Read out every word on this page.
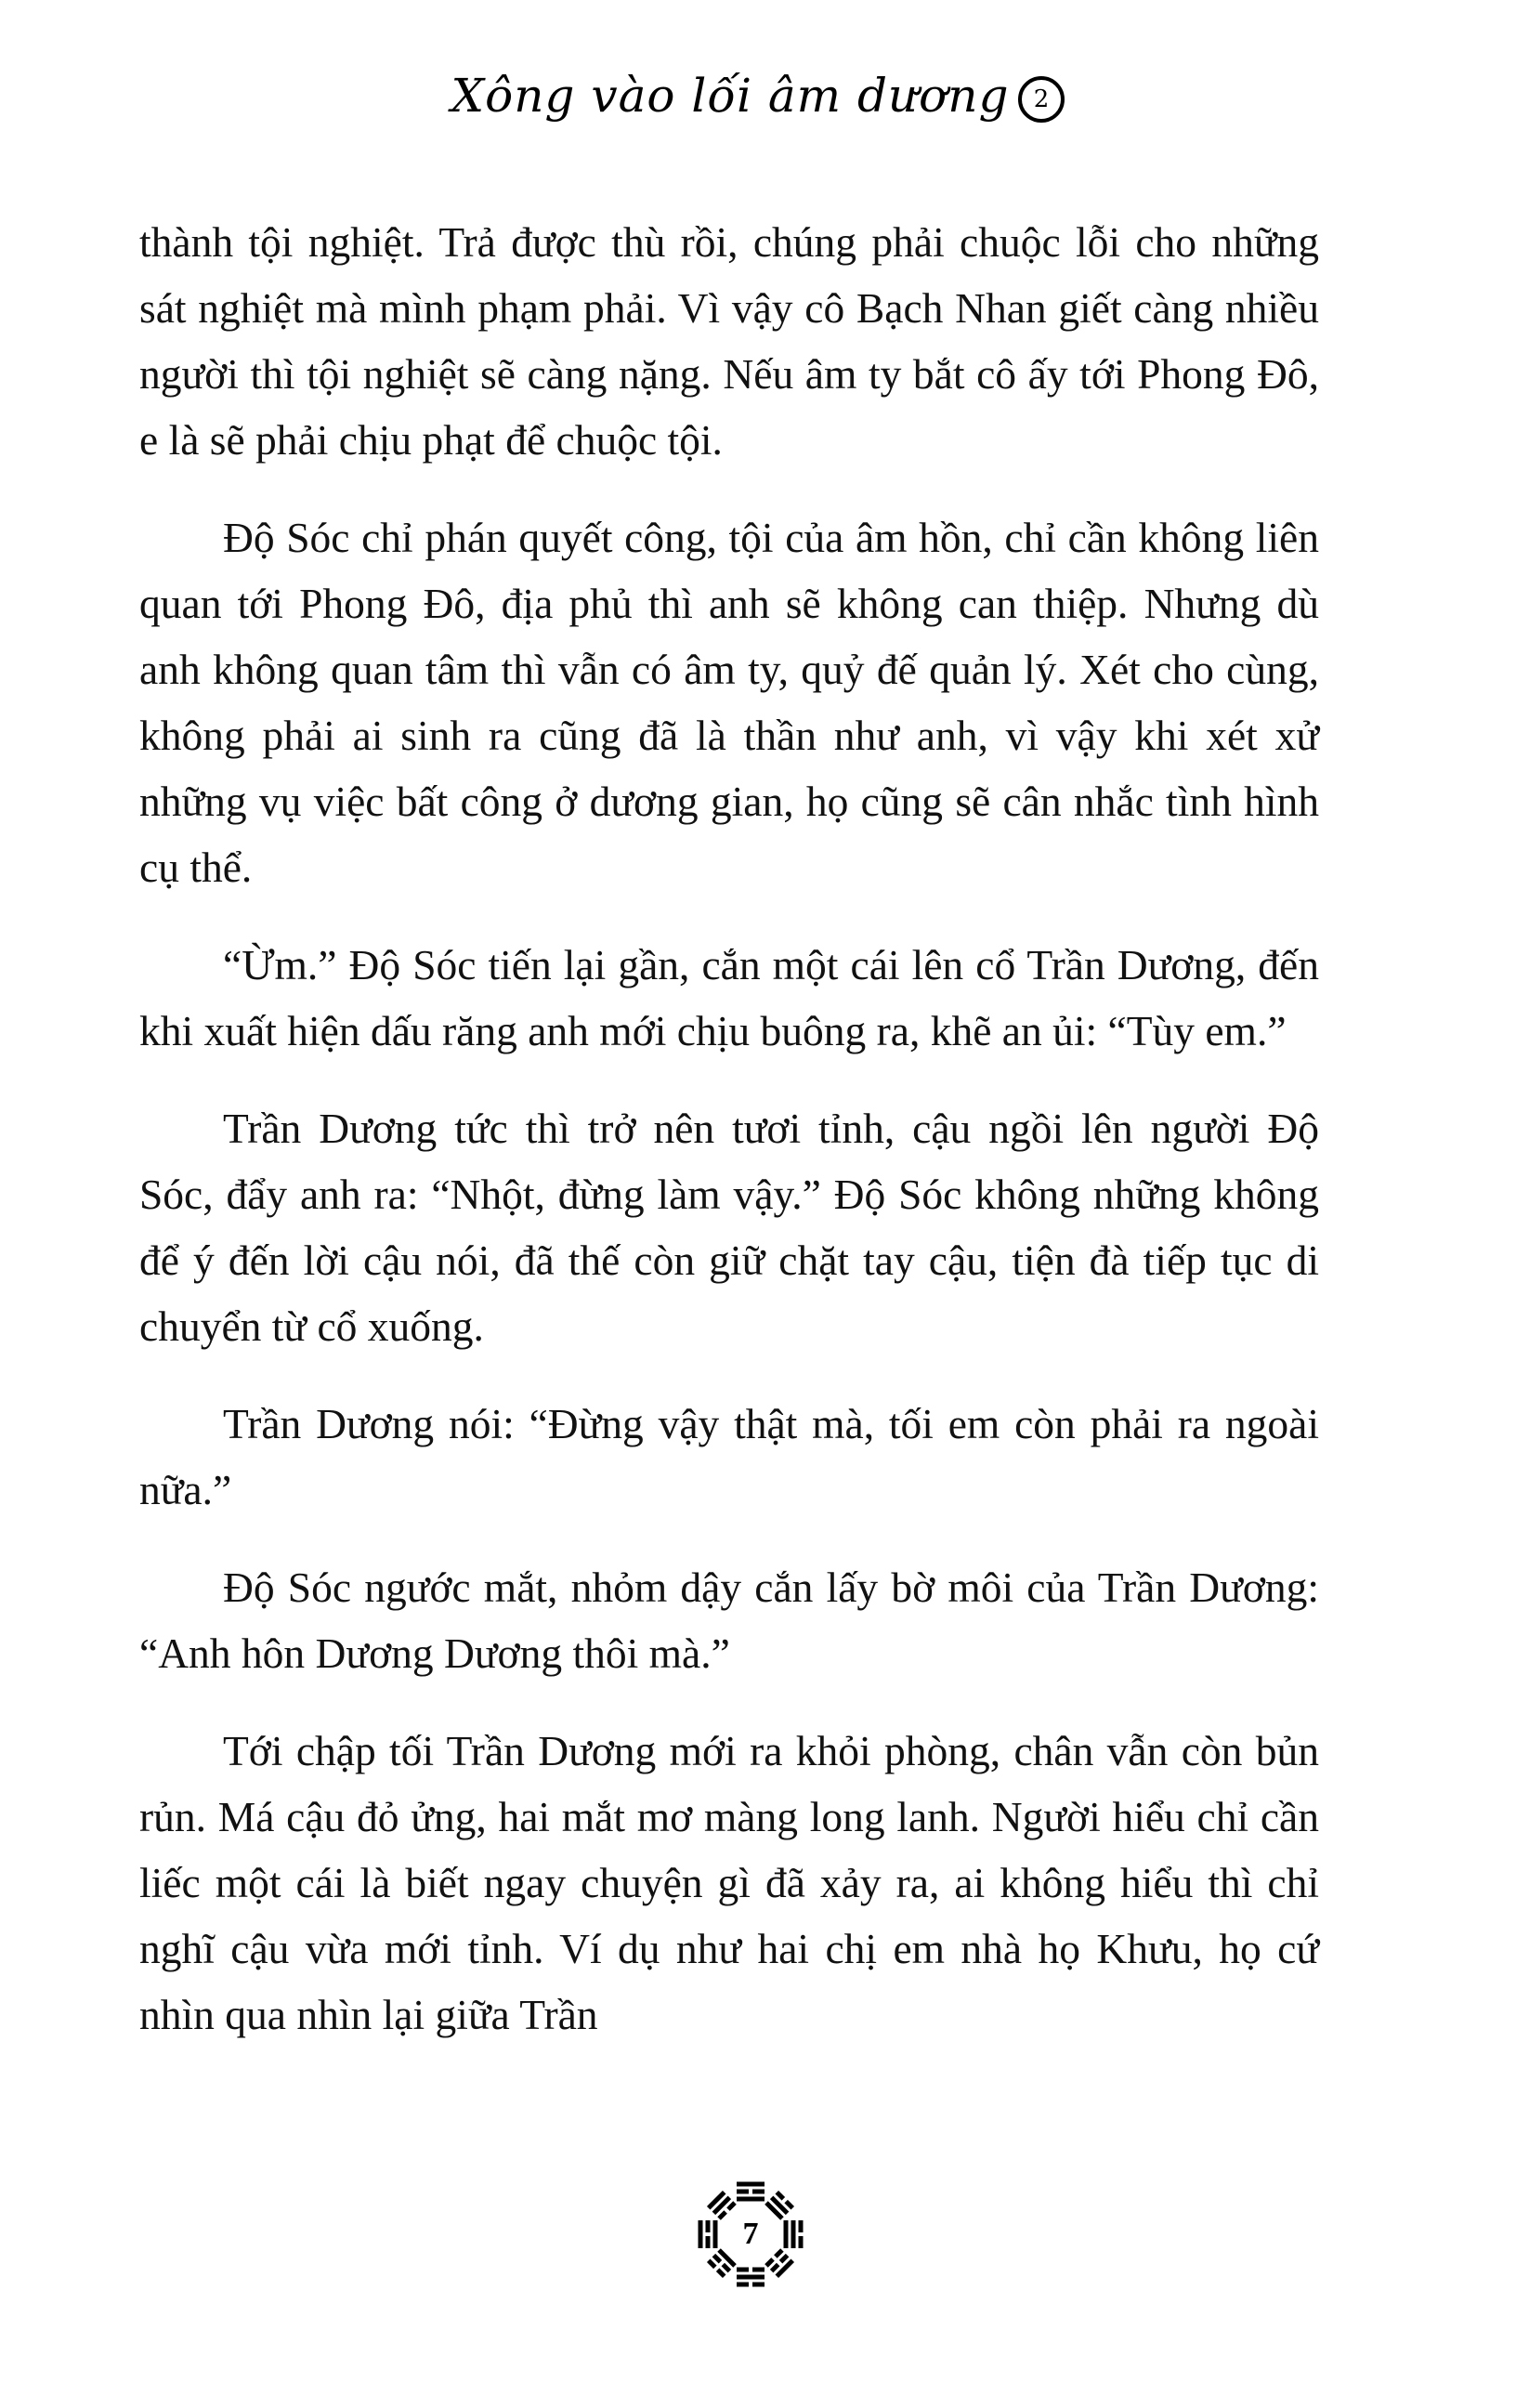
Xông vào lối âm dương 2

thành tội nghiệt. Trả được thù rồi, chúng phải chuộc lỗi cho những sát nghiệt mà mình phạm phải. Vì vậy cô Bạch Nhan giết càng nhiều người thì tội nghiệt sẽ càng nặng. Nếu âm ty bắt cô ấy tới Phong Đô, e là sẽ phải chịu phạt để chuộc tội.

Độ Sóc chỉ phán quyết công, tội của âm hồn, chỉ cần không liên quan tới Phong Đô, địa phủ thì anh sẽ không can thiệp. Nhưng dù anh không quan tâm thì vẫn có âm ty, quỷ đế quản lý. Xét cho cùng, không phải ai sinh ra cũng đã là thần như anh, vì vậy khi xét xử những vụ việc bất công ở dương gian, họ cũng sẽ cân nhắc tình hình cụ thể.

“Ừm.” Độ Sóc tiến lại gần, cắn một cái lên cổ Trần Dương, đến khi xuất hiện dấu răng anh mới chịu buông ra, khẽ an ủi: “Tùy em.”

Trần Dương tức thì trở nên tươi tỉnh, cậu ngồi lên người Độ Sóc, đẩy anh ra: “Nhột, đừng làm vậy.” Độ Sóc không những không để ý đến lời cậu nói, đã thế còn giữ chặt tay cậu, tiện đà tiếp tục di chuyển từ cổ xuống.

Trần Dương nói: “Đừng vậy thật mà, tối em còn phải ra ngoài nữa.”

Độ Sóc ngước mắt, nhỏm dậy cắn lấy bờ môi của Trần Dương: “Anh hôn Dương Dương thôi mà.”

Tới chập tối Trần Dương mới ra khỏi phòng, chân vẫn còn bủn rủn. Má cậu đỏ ửng, hai mắt mơ màng long lanh. Người hiểu chỉ cần liếc một cái là biết ngay chuyện gì đã xảy ra, ai không hiểu thì chỉ nghĩ cậu vừa mới tỉnh. Ví dụ như hai chị em nhà họ Khưu, họ cứ nhìn qua nhìn lại giữa Trần

7
